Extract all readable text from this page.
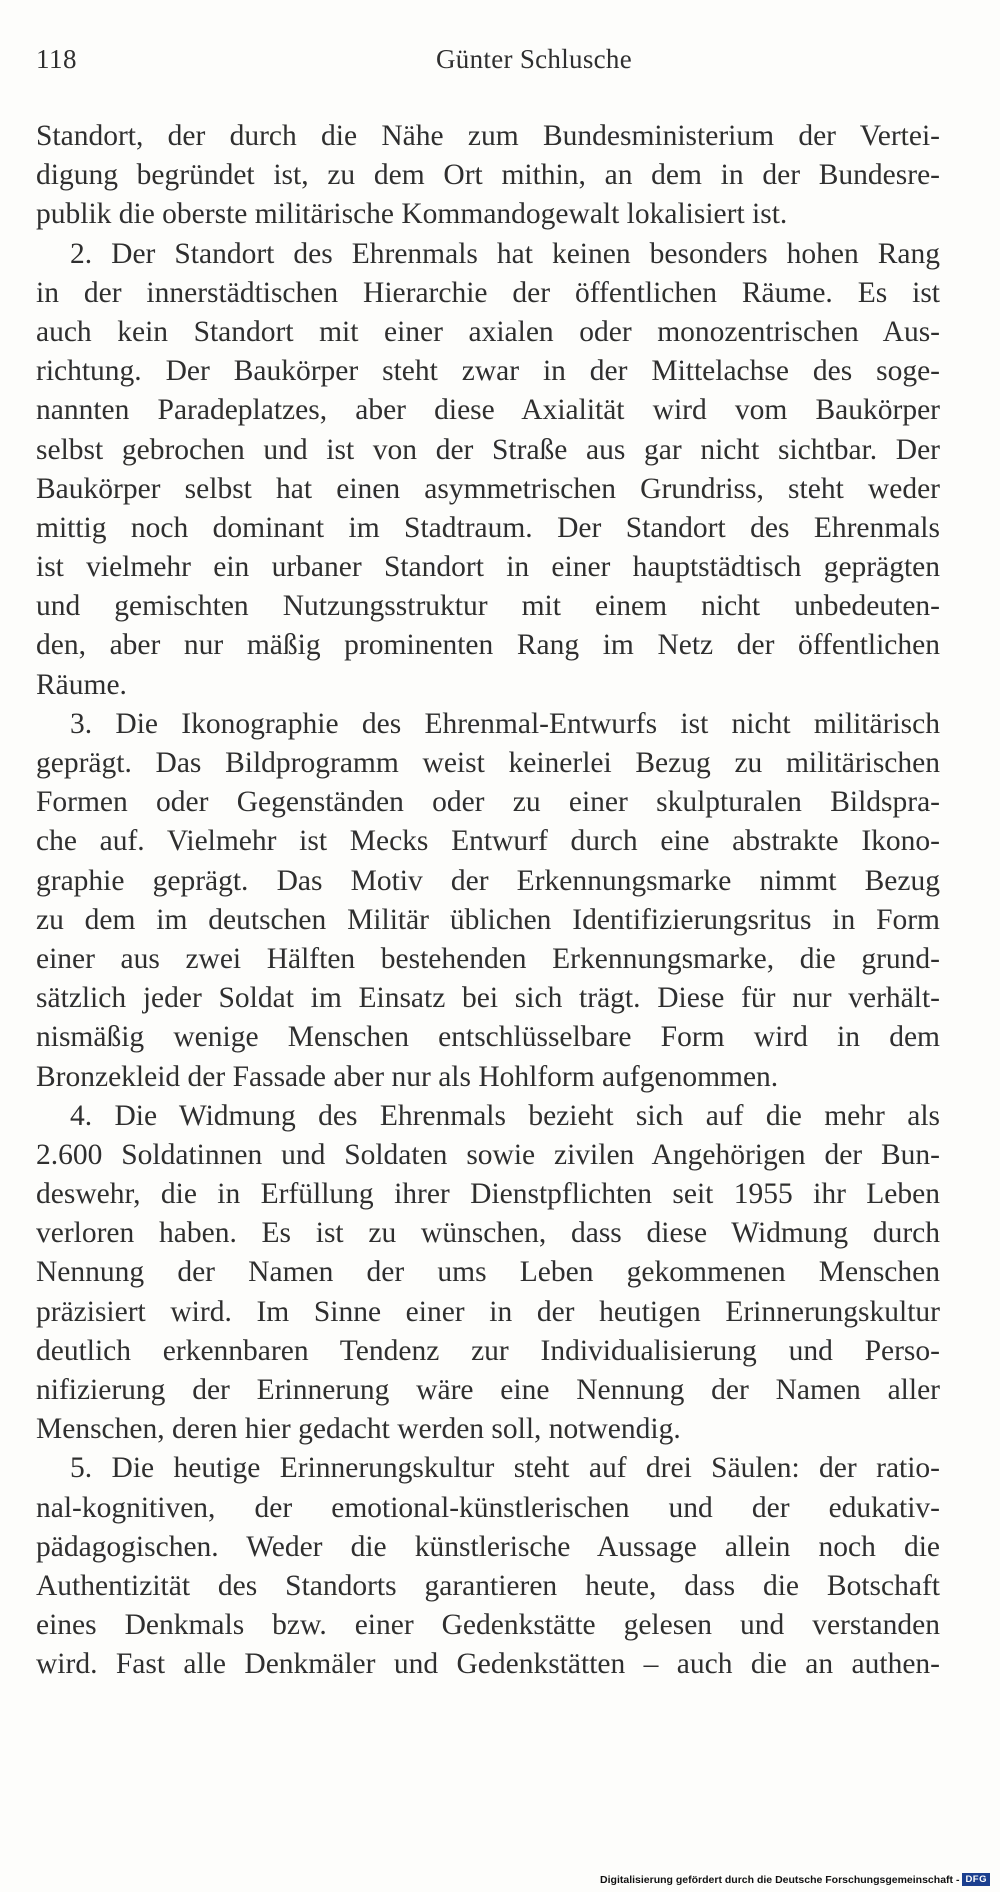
118	Günter Schlusche

Standort, der durch die Nähe zum Bundesministerium der Vertei-
digung begründet ist, zu dem Ort mithin, an dem in der Bundesre-
publik die oberste militärische Kommandogewalt lokalisiert ist.

2. Der Standort des Ehrenmals hat keinen besonders hohen Rang
in der innerstädtischen Hierarchie der öffentlichen Räume. Es ist
auch kein Standort mit einer axialen oder monozentrischen Aus-
richtung. Der Baukörper steht zwar in der Mittelachse des soge-
nannten Paradeplatzes, aber diese Axialität wird vom Baukörper
selbst gebrochen und ist von der Straße aus gar nicht sichtbar. Der
Baukörper selbst hat einen asymmetrischen Grundriss, steht weder
mittig noch dominant im Stadtraum. Der Standort des Ehrenmals
ist vielmehr ein urbaner Standort in einer hauptstädtisch geprägten
und gemischten Nutzungsstruktur mit einem nicht unbedeuten-
den, aber nur mäßig prominenten Rang im Netz der öffentlichen
Räume.

3. Die Ikonographie des Ehrenmal-Entwurfs ist nicht militärisch
geprägt. Das Bildprogramm weist keinerlei Bezug zu militärischen
Formen oder Gegenständen oder zu einer skulpturalen Bildspra-
che auf. Vielmehr ist Mecks Entwurf durch eine abstrakte Ikono-
graphie geprägt. Das Motiv der Erkennungsmarke nimmt Bezug
zu dem im deutschen Militär üblichen Identifizierungsritus in Form
einer aus zwei Hälften bestehenden Erkennungsmarke, die grund-
sätzlich jeder Soldat im Einsatz bei sich trägt. Diese für nur verhält-
nismäßig wenige Menschen entschlüsselbare Form wird in dem
Bronzekleid der Fassade aber nur als Hohlform aufgenommen.

4. Die Widmung des Ehrenmals bezieht sich auf die mehr als
2.600 Soldatinnen und Soldaten sowie zivilen Angehörigen der Bun-
deswehr, die in Erfüllung ihrer Dienstpflichten seit 1955 ihr Leben
verloren haben. Es ist zu wünschen, dass diese Widmung durch
Nennung der Namen der ums Leben gekommenen Menschen
präzisiert wird. Im Sinne einer in der heutigen Erinnerungskultur
deutlich erkennbaren Tendenz zur Individualisierung und Perso-
nifizierung der Erinnerung wäre eine Nennung der Namen aller
Menschen, deren hier gedacht werden soll, notwendig.

5. Die heutige Erinnerungskultur steht auf drei Säulen: der ratio-
nal-kognitiven, der emotional-künstlerischen und der edukativ-
pädagogischen. Weder die künstlerische Aussage allein noch die
Authentizität des Standorts garantieren heute, dass die Botschaft
eines Denkmals bzw. einer Gedenkstätte gelesen und verstanden
wird. Fast alle Denkmäler und Gedenkstätten – auch die an authen-

Digitalisierung gefördert durch die Deutsche Forschungsgemeinschaft - DFG
